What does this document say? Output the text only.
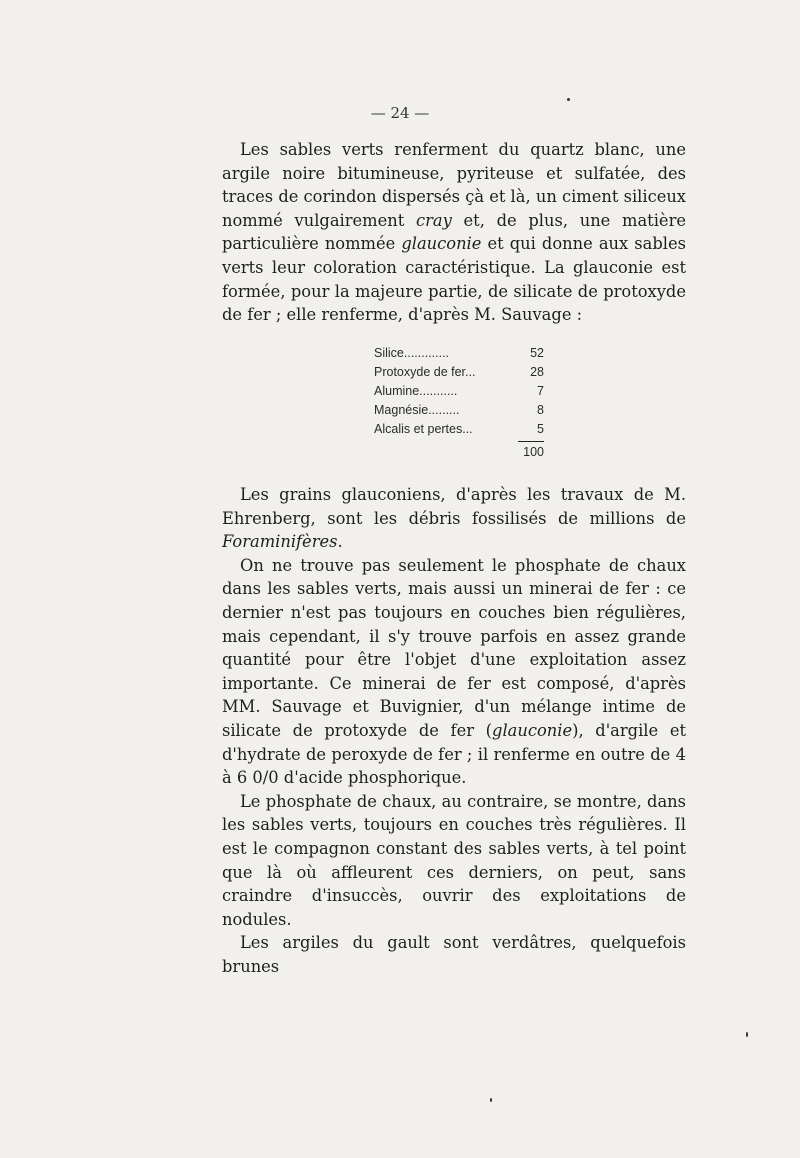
— 24 —

Les sables verts renferment du quartz blanc, une argile noire bitumineuse, pyriteuse et sulfatée, des traces de corindon dispersés çà et là, un ciment siliceux nommé vulgairement cray et, de plus, une matière particulière nommée glauconie et qui donne aux sables verts leur coloration caractéristique. La glauconie est formée, pour la majeure partie, de silicate de protoxyde de fer ; elle renferme, d'après M. Sauvage :

Silice.............	52
Protoxyde de fer...	28
Alumine...........	7
Magnésie.........	8
Alcalis et pertes...	5
100

Les grains glauconiens, d'après les travaux de M. Ehrenberg, sont les débris fossilisés de millions de Foraminifères.

On ne trouve pas seulement le phosphate de chaux dans les sables verts, mais aussi un minerai de fer : ce dernier n'est pas toujours en couches bien régulières, mais cependant, il s'y trouve parfois en assez grande quantité pour être l'objet d'une exploitation assez importante. Ce minerai de fer est composé, d'après MM. Sauvage et Buvignier, d'un mélange intime de silicate de protoxyde de fer (glauconie), d'argile et d'hydrate de peroxyde de fer ; il renferme en outre de 4 à 6 0/0 d'acide phosphorique.

Le phosphate de chaux, au contraire, se montre, dans les sables verts, toujours en couches très régulières. Il est le compagnon constant des sables verts, à tel point que là où affleurent ces derniers, on peut, sans craindre d'insuccès, ouvrir des exploitations de nodules.

Les argiles du gault sont verdâtres, quelquefois brunes
